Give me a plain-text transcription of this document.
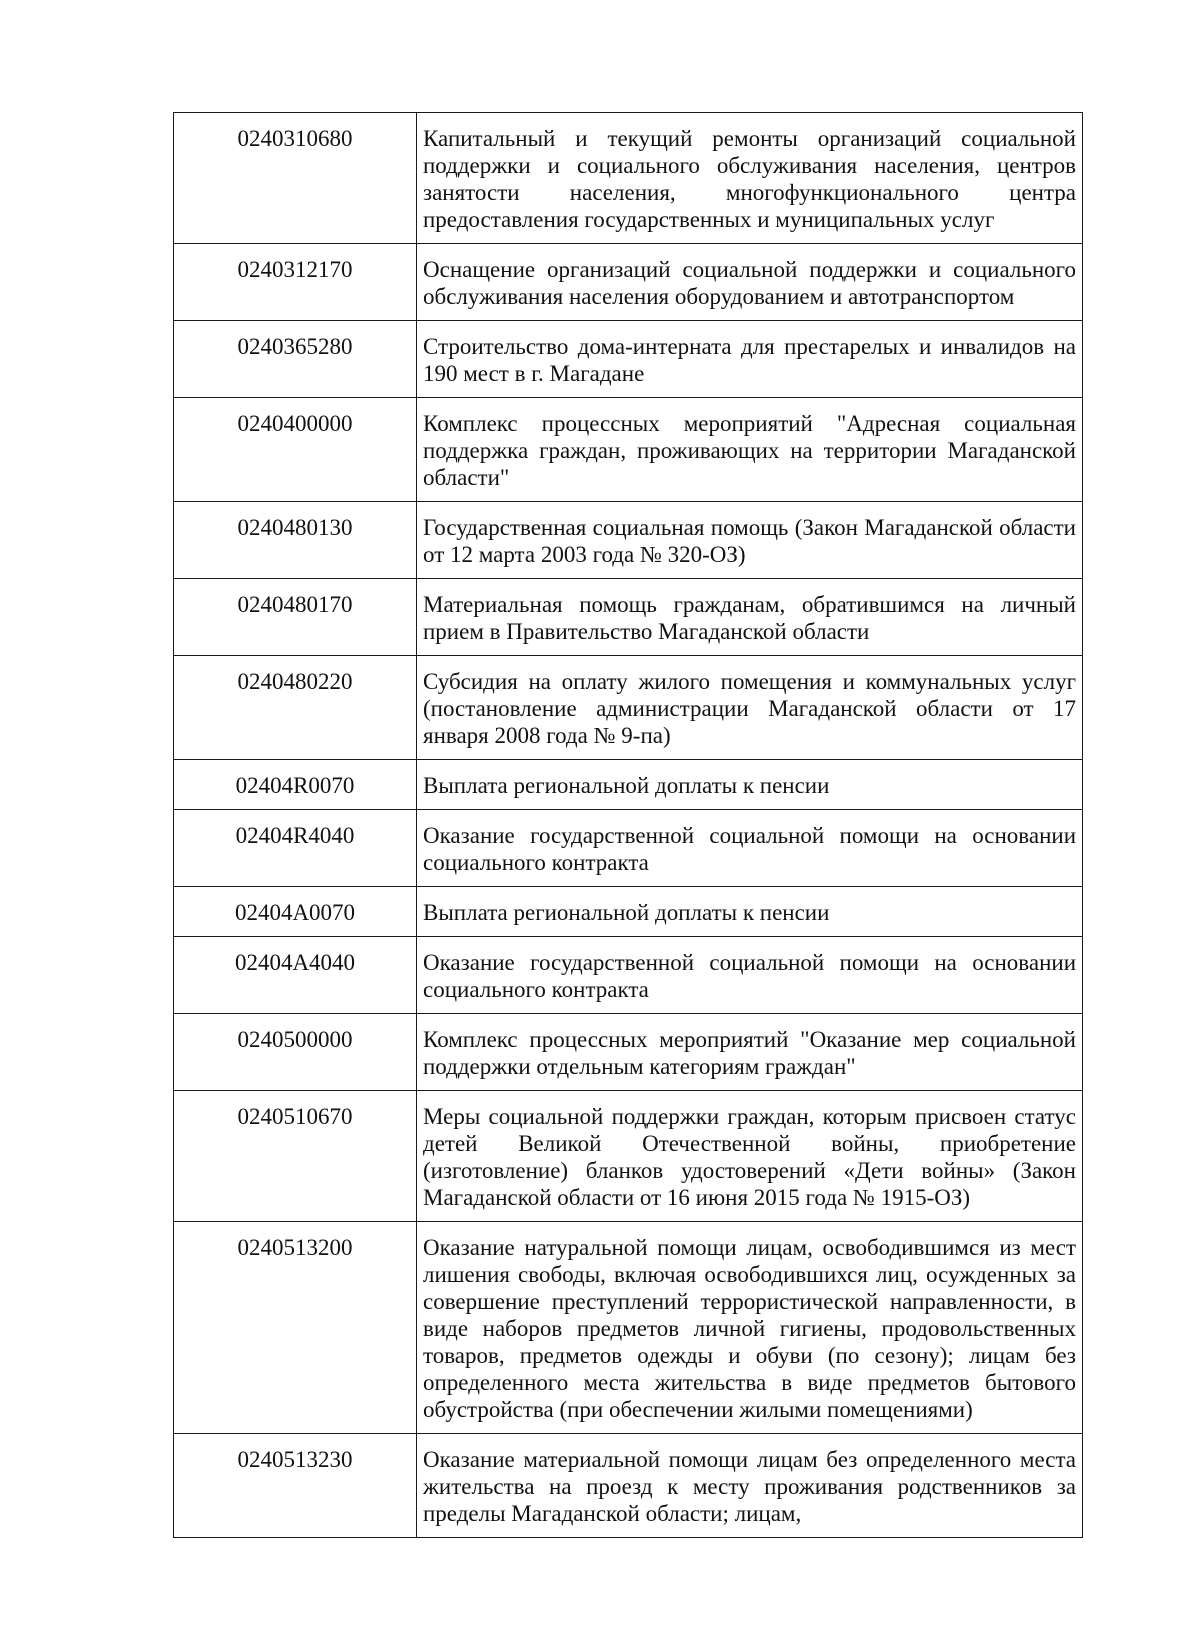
0240310680	Капитальный и текущий ремонты организаций социальной поддержки и социального обслуживания населения, центров занятости населения, многофункционального центра предоставления государственных и муниципальных услуг
0240312170	Оснащение организаций социальной поддержки и социального обслуживания населения оборудованием и автотранспортом
0240365280	Строительство дома-интерната для престарелых и инвалидов на 190 мест в г. Магадане
0240400000	Комплекс процессных мероприятий "Адресная социальная поддержка граждан, проживающих на территории Магаданской области"
0240480130	Государственная социальная помощь (Закон Магаданской области от 12 марта 2003 года № 320-ОЗ)
0240480170	Материальная помощь гражданам, обратившимся на личный прием в Правительство Магаданской области
0240480220	Субсидия на оплату жилого помещения и коммунальных услуг (постановление администрации Магаданской области от 17 января 2008 года № 9-па)
02404R0070	Выплата региональной доплаты к пенсии
02404R4040	Оказание государственной социальной помощи на основании социального контракта
02404A0070	Выплата региональной доплаты к пенсии
02404A4040	Оказание государственной социальной помощи на основании социального контракта
0240500000	Комплекс процессных мероприятий "Оказание мер социальной поддержки отдельным категориям граждан"
0240510670	Меры социальной поддержки граждан, которым присвоен статус детей Великой Отечественной войны, приобретение (изготовление) бланков удостоверений «Дети войны» (Закон Магаданской области от 16 июня 2015 года № 1915-ОЗ)
0240513200	Оказание натуральной помощи лицам, освободившимся из мест лишения свободы, включая освободившихся лиц, осужденных за совершение преступлений террористической направленности, в виде наборов предметов личной гигиены, продовольственных товаров, предметов одежды и обуви (по сезону); лицам без определенного места жительства в виде предметов бытового обустройства (при обеспечении жилыми помещениями)
0240513230	Оказание материальной помощи лицам без определенного места жительства на проезд к месту проживания родственников за пределы Магаданской области; лицам,
